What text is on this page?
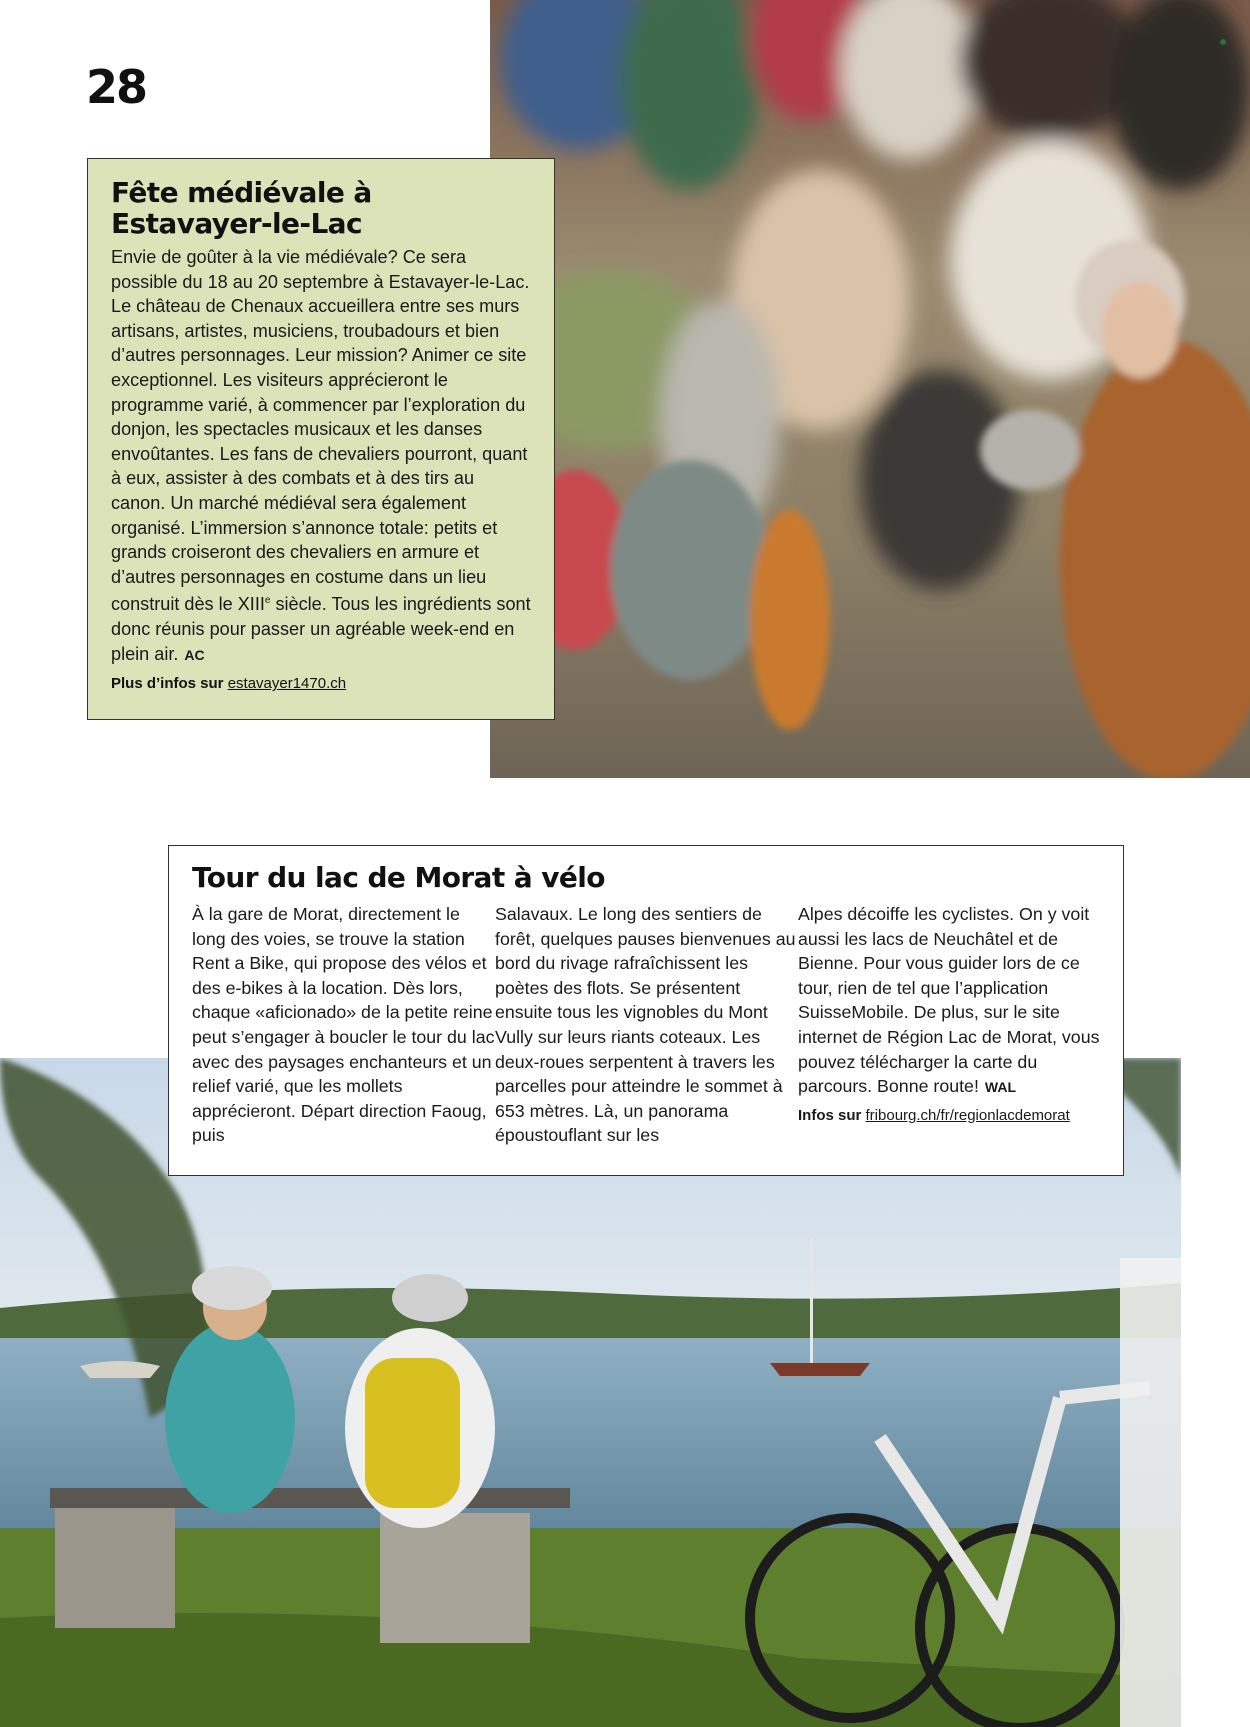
28
Fête médiévale à
Estavayer-le-Lac

Envie de goûter à la vie médiévale? Ce sera possible du 18 au 20 septembre à Estavayer-le-Lac. Le château de Chenaux accueillera entre ses murs artisans, artistes, musiciens, troubadours et bien d’autres personnages. Leur mission? Animer ce site exceptionnel. Les visiteurs apprécieront le programme varié, à commencer par l’exploration du donjon, les spectacles musicaux et les danses envoûtantes. Les fans de chevaliers pourront, quant à eux, assister à des combats et à des tirs au canon. Un marché médiéval sera également organisé. L’immersion s’annonce totale: petits et grands croiseront des chevaliers en armure et d’autres personnages en costume dans un lieu construit dès le XIIIe siècle. Tous les ingrédients sont donc réunis pour passer un agréable week-end en plein air. AC

Plus d’infos sur estavayer1470.ch
Tour du lac de Morat à vélo

À la gare de Morat, directement le long des voies, se trouve la station Rent a Bike, qui propose des vélos et des e-bikes à la location. Dès lors, chaque «aficionado» de la petite reine peut s’engager à boucler le tour du lac avec des paysages enchanteurs et un relief varié, que les mollets apprécieront. Départ direction Faoug, puis

Salavaux. Le long des sentiers de forêt, quelques pauses bienvenues au bord du rivage rafraîchissent les poètes des flots. Se présentent ensuite tous les vignobles du Mont Vully sur leurs riants coteaux. Les deux-roues serpentent à travers les parcelles pour atteindre le sommet à 653 mètres. Là, un panorama époustouflant sur les

Alpes décoiffe les cyclistes. On y voit aussi les lacs de Neuchâtel et de Bienne. Pour vous guider lors de ce tour, rien de tel que l’application SuisseMobile. De plus, sur le site internet de Région Lac de Morat, vous pouvez télécharger la carte du parcours. Bonne route! WAL

Infos sur fribourg.ch/fr/regionlacdemorat
